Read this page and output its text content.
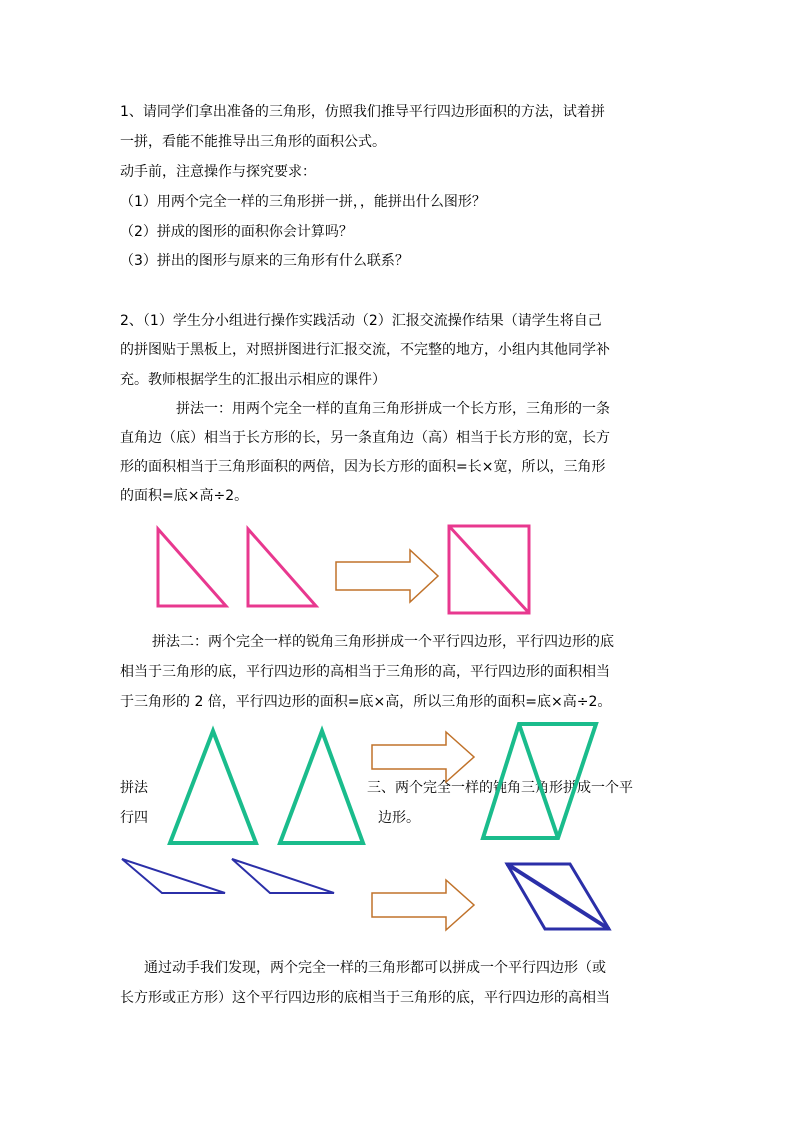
1、请同学们拿出准备的三角形，仿照我们推导平行四边形面积的方法，试着拼
一拼，看能不能推导出三角形的面积公式。
动手前，注意操作与探究要求：
（1）用两个完全一样的三角形拼一拼，，能拼出什么图形？
（2）拼成的图形的面积你会计算吗？
（3）拼出的图形与原来的三角形有什么联系？
2、（1）学生分小组进行操作实践活动（2）汇报交流操作结果（请学生将自己
的拼图贴于黑板上，对照拼图进行汇报交流，不完整的地方，小组内其他同学补
充。教师根据学生的汇报出示相应的课件）
拼法一：用两个完全一样的直角三角形拼成一个长方形，三角形的一条
直角边（底）相当于长方形的长，另一条直角边（高）相当于长方形的宽，长方
形的面积相当于三角形面积的两倍，因为长方形的面积=长×宽，所以，三角形
的面积=底×高÷2。
拼法二：两个完全一样的锐角三角形拼成一个平行四边形，平行四边形的底
相当于三角形的底，平行四边形的高相当于三角形的高，平行四边形的面积相当
于三角形的 2 倍，平行四边形的面积=底×高，所以三角形的面积=底×高÷2。
拼法	三、两个完全一样的钝角三角形拼成一个平
行四	边形。
通过动手我们发现，两个完全一样的三角形都可以拼成一个平行四边形（或
长方形或正方形）这个平行四边形的底相当于三角形的底，平行四边形的高相当
